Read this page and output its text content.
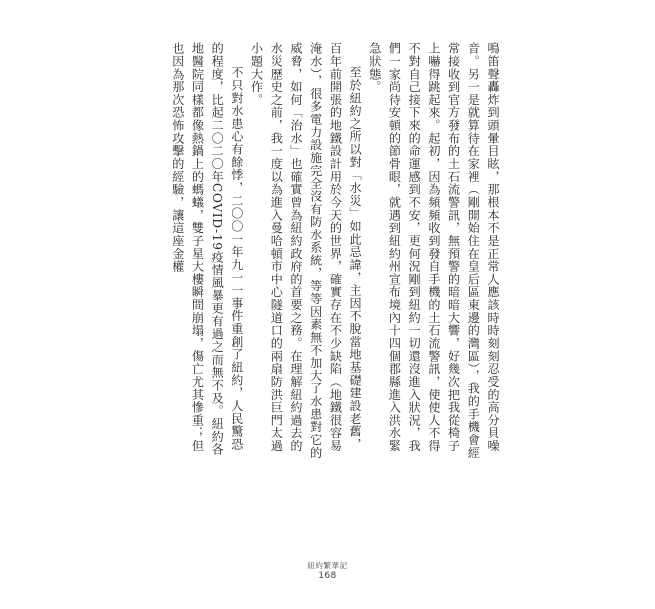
鳴笛聲轟炸到頭暈目眩，那根本不是正常人應該時時刻刻忍受的高分貝噪音。另一是就算待在家裡（剛開始住在皇后區東邊的灣區），我的手機會經常接收到官方發布的土石流警訊，無預警的暗暗大響，好幾次把我從椅子上嚇得跳起來。起初，因為頻頻收到發自手機的土石流警訊，使使人不得不對自己接下來的命運感到不安，更何況剛到紐約一切還沒進入狀況，我們一家尚待安頓的節骨眼，就遇到紐約州宣布境內十四個郡縣進入洪水緊急狀態。

至於紐約之所以對「水災」如此忌諱，主因不脫當地基礎建設老舊，百年前開張的地鐵設計用於今天的世界，確實存在不少缺陷（地鐵很容易淹水），很多電力設施完全沒有防水系統，等等因素無不加大了水患對它的威脅，如何「治水」也確實曾為紐約政府的首要之務。在理解紐約過去的水災歷史之前，我一度以為進入曼哈頓市中心隧道口的兩扇防洪巨門太過小題大作。

不只對水患心有餘悸，二〇〇一年九一一事件重創了紐約，人民驚恐的程度，比起二〇二〇年COVID-19疫情風暴更有過之而無不及。紐約各地醫院同樣都像熱鍋上的螞蟻，雙子星大樓瞬間崩塌，傷亡尤其慘重；但也因為那次恐怖攻擊的經驗，讓這座金權

紐約繁華記
168
